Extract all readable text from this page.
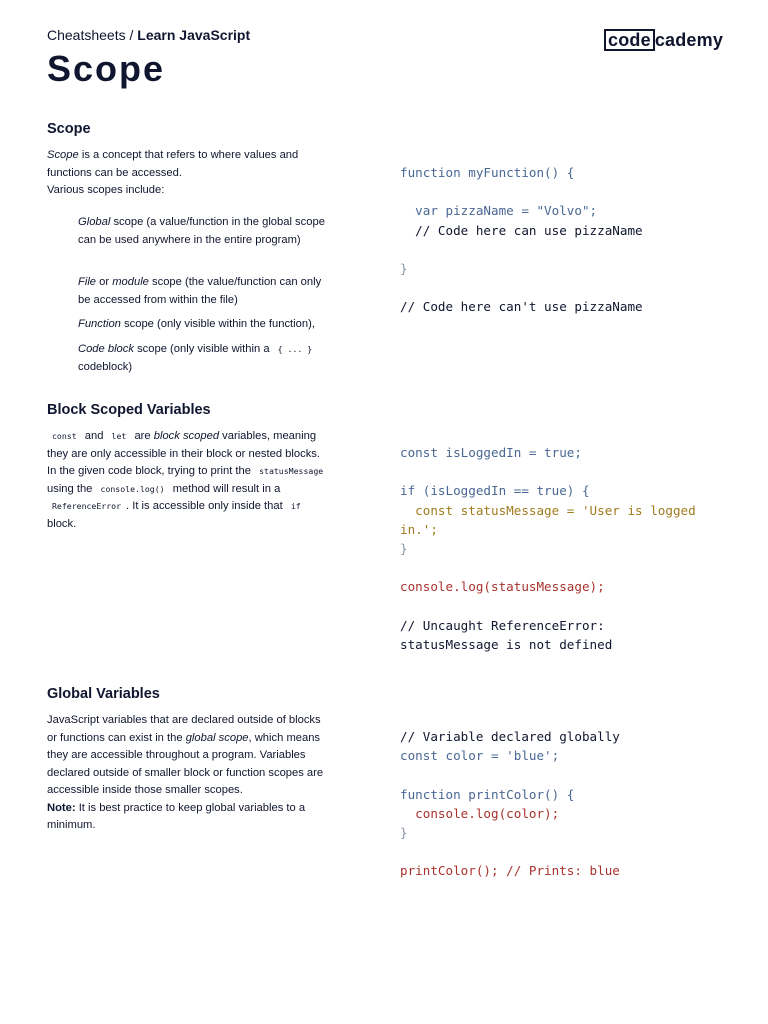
Cheatsheets / Learn JavaScript	code cademy
Scope
Scope
Scope is a concept that refers to where values and functions can be accessed.
Various scopes include:
Global scope (a value/function in the global scope can be used anywhere in the entire program)
File or module scope (the value/function can only be accessed from within the file)
Function scope (only visible within the function),
Code block scope (only visible within a { ... } codeblock)
function myFunction() {

var pizzaName = "Volvo";
// Code here can use pizzaName

}

// Code here can't use pizzaName
Block Scoped Variables
const and let are block scoped variables, meaning they are only accessible in their block or nested blocks. In the given code block, trying to print the statusMessage using the console.log() method will result in a ReferenceError . It is accessible only inside that if block.
const isLoggedIn = true;

if (isLoggedIn == true) {
const statusMessage = 'User is logged
in.';
}

console.log(statusMessage);

// Uncaught ReferenceError:
statusMessage is not defined
Global Variables
JavaScript variables that are declared outside of blocks or functions can exist in the global scope, which means they are accessible throughout a program. Variables declared outside of smaller block or function scopes are accessible inside those smaller scopes.
Note: It is best practice to keep global variables to a minimum.
// Variable declared globally
const color = 'blue';

function printColor() {
console.log(color);
}

printColor(); // Prints: blue
